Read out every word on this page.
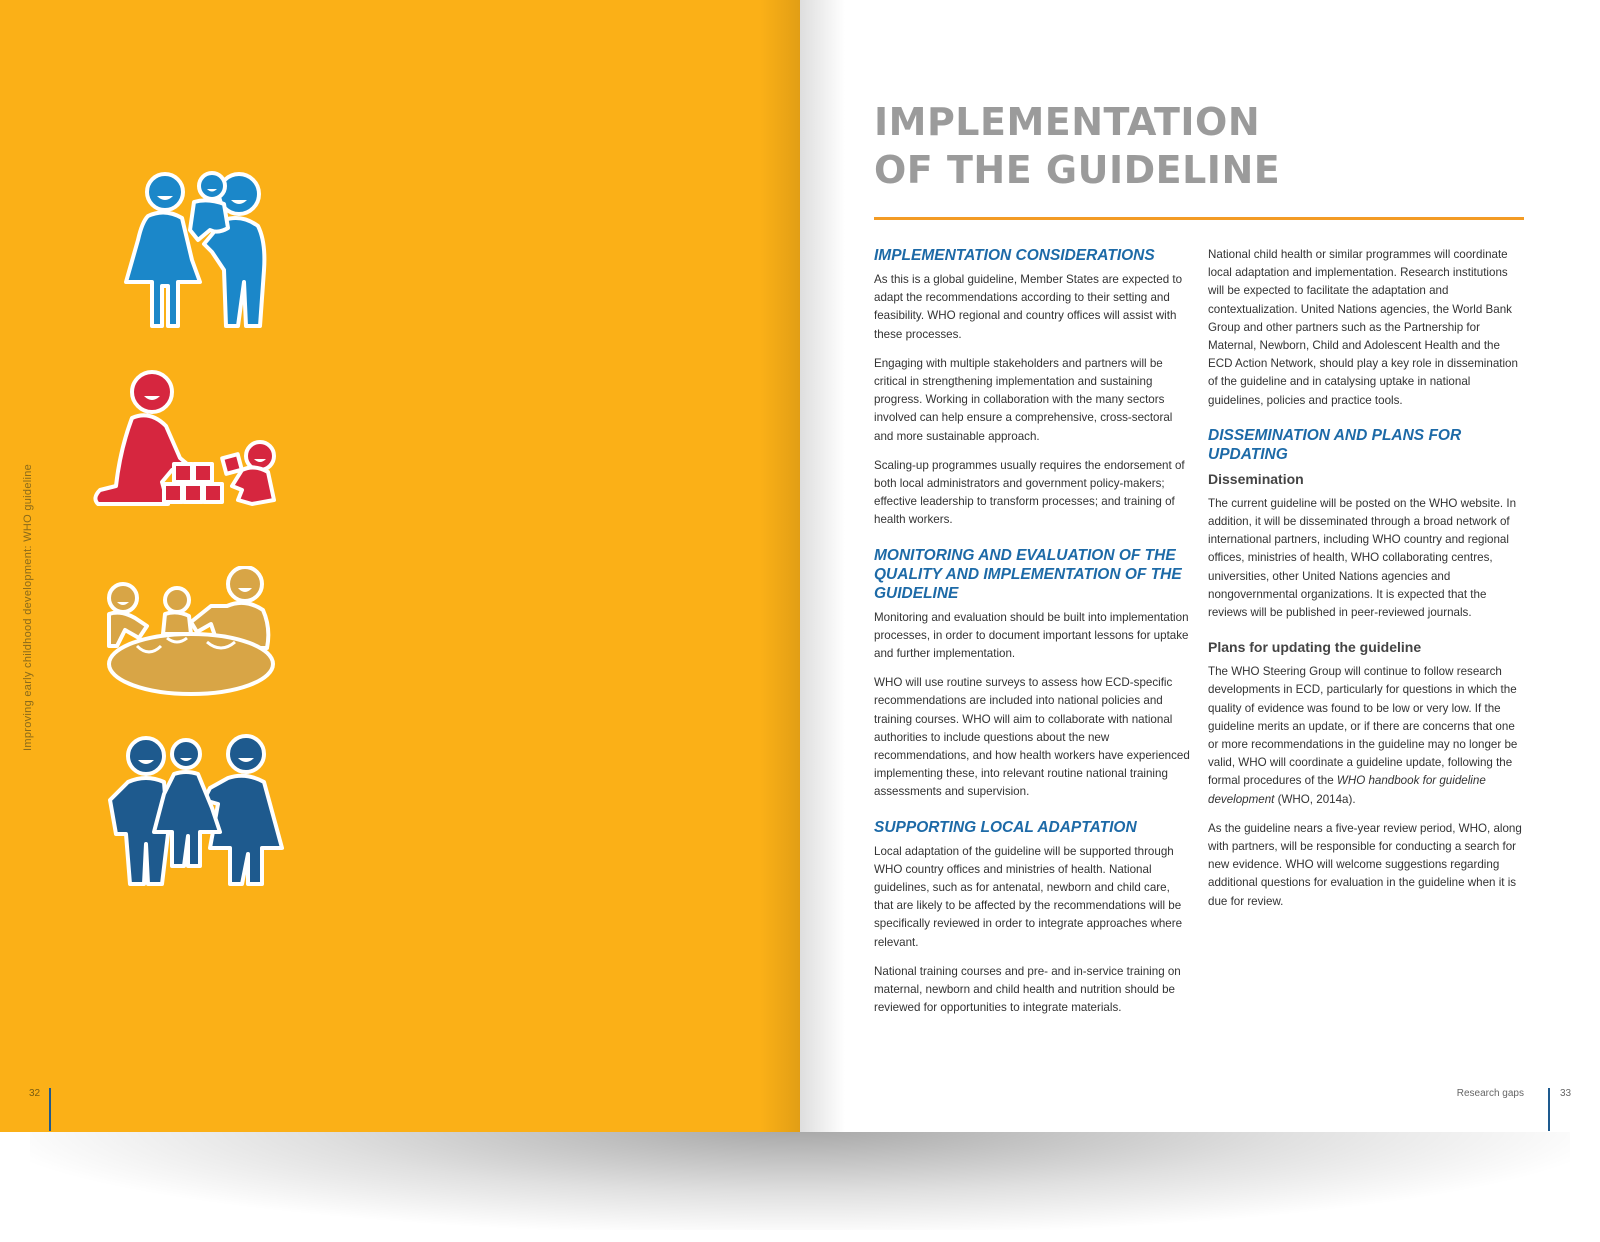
Improving early childhood development: WHO guideline
32
IMPLEMENTATION
OF THE GUIDELINE
IMPLEMENTATION CONSIDERATIONS

As this is a global guideline, Member States are expected to adapt the recommendations according to their setting and feasibility. WHO regional and country offices will assist with these processes.

Engaging with multiple stakeholders and partners will be critical in strengthening implementation and sustaining progress. Working in collaboration with the many sectors involved can help ensure a comprehensive, cross-sectoral and more sustainable approach.

Scaling-up programmes usually requires the endorsement of both local administrators and government policy-makers; effective leadership to transform processes; and training of health workers.

MONITORING AND EVALUATION OF THE QUALITY AND IMPLEMENTATION OF THE GUIDELINE

Monitoring and evaluation should be built into implementation processes, in order to document important lessons for uptake and further implementation.

WHO will use routine surveys to assess how ECD-specific recommendations are included into national policies and training courses. WHO will aim to collaborate with national authorities to include questions about the new recommendations, and how health workers have experienced implementing these, into relevant routine national training assessments and supervision.

SUPPORTING LOCAL ADAPTATION

Local adaptation of the guideline will be supported through WHO country offices and ministries of health. National guidelines, such as for antenatal, newborn and child care, that are likely to be affected by the recommendations will be specifically reviewed in order to integrate approaches where relevant.

National training courses and pre- and in-service training on maternal, newborn and child health and nutrition should be reviewed for opportunities to integrate materials.

National child health or similar programmes will coordinate local adaptation and implementation. Research institutions will be expected to facilitate the adaptation and contextualization. United Nations agencies, the World Bank Group and other partners such as the Partnership for Maternal, Newborn, Child and Adolescent Health and the ECD Action Network, should play a key role in dissemination of the guideline and in catalysing uptake in national guidelines, policies and practice tools.

DISSEMINATION AND PLANS FOR UPDATING
Dissemination

The current guideline will be posted on the WHO website. In addition, it will be disseminated through a broad network of international partners, including WHO country and regional offices, ministries of health, WHO collaborating centres, universities, other United Nations agencies and nongovernmental organizations. It is expected that the reviews will be published in peer-reviewed journals.

Plans for updating the guideline

The WHO Steering Group will continue to follow research developments in ECD, particularly for questions in which the quality of evidence was found to be low or very low. If the guideline merits an update, or if there are concerns that one or more recommendations in the guideline may no longer be valid, WHO will coordinate a guideline update, following the formal procedures of the WHO handbook for guideline development (WHO, 2014a).

As the guideline nears a five-year review period, WHO, along with partners, will be responsible for conducting a search for new evidence. WHO will welcome suggestions regarding additional questions for evaluation in the guideline when it is due for review.

Research gaps	33
